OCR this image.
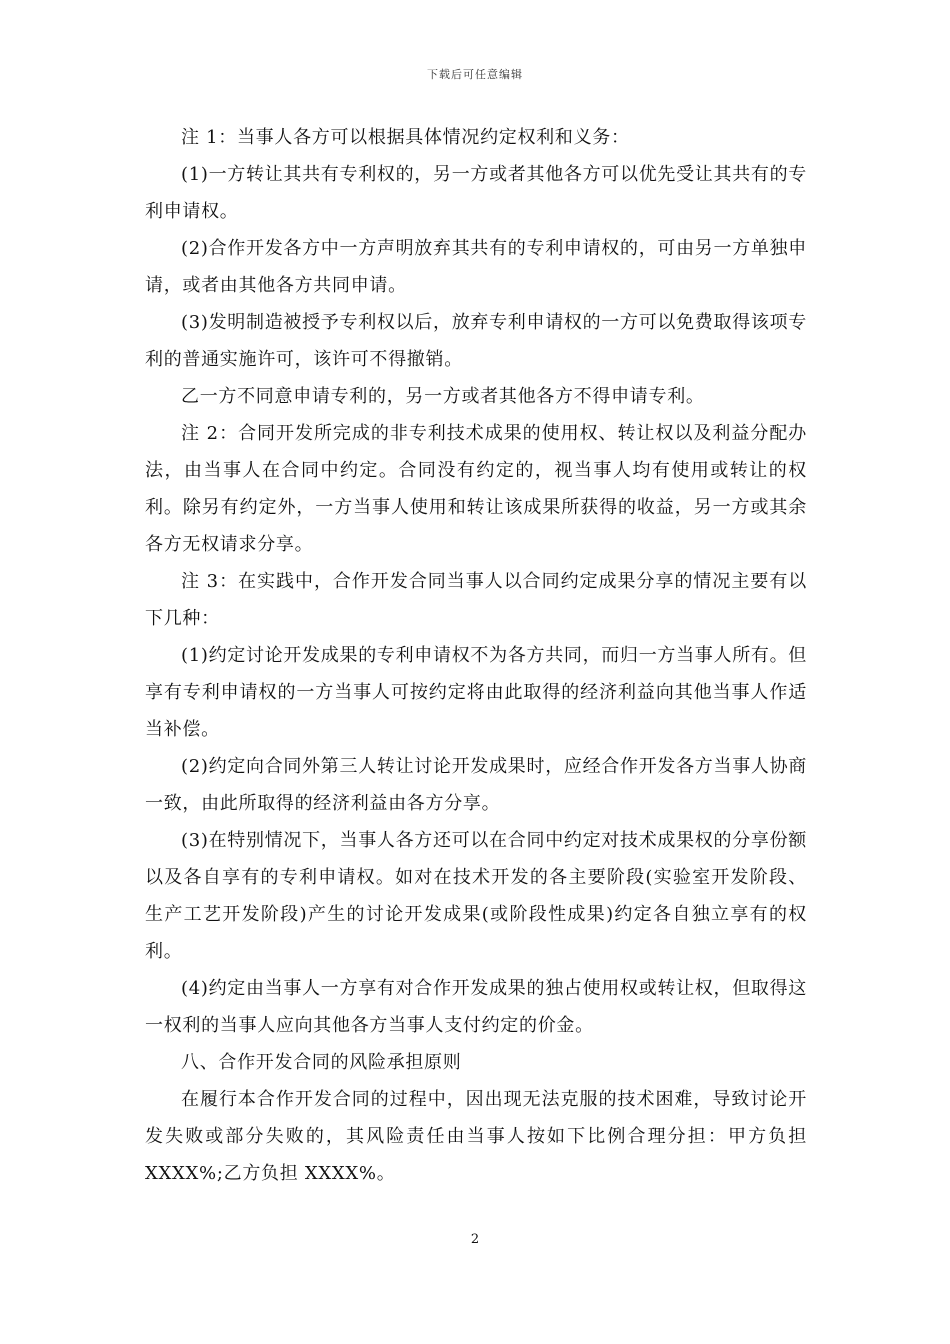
下载后可任意编辑

注 1：当事人各方可以根据具体情况约定权利和义务：

(1)一方转让其共有专利权的，另一方或者其他各方可以优先受让其共有的专利申请权。

(2)合作开发各方中一方声明放弃其共有的专利申请权的，可由另一方单独申请，或者由其他各方共同申请。

(3)发明制造被授予专利权以后，放弃专利申请权的一方可以免费取得该项专利的普通实施许可，该许可不得撤销。

乙一方不同意申请专利的，另一方或者其他各方不得申请专利。

注 2：合同开发所完成的非专利技术成果的使用权、转让权以及利益分配办法，由当事人在合同中约定。合同没有约定的，视当事人均有使用或转让的权利。除另有约定外，一方当事人使用和转让该成果所获得的收益，另一方或其余各方无权请求分享。

注 3：在实践中，合作开发合同当事人以合同约定成果分享的情况主要有以下几种：

(1)约定讨论开发成果的专利申请权不为各方共同，而归一方当事人所有。但享有专利申请权的一方当事人可按约定将由此取得的经济利益向其他当事人作适当补偿。

(2)约定向合同外第三人转让讨论开发成果时，应经合作开发各方当事人协商一致，由此所取得的经济利益由各方分享。

(3)在特别情况下，当事人各方还可以在合同中约定对技术成果权的分享份额以及各自享有的专利申请权。如对在技术开发的各主要阶段(实验室开发阶段、生产工艺开发阶段)产生的讨论开发成果(或阶段性成果)约定各自独立享有的权利。

(4)约定由当事人一方享有对合作开发成果的独占使用权或转让权，但取得这一权利的当事人应向其他各方当事人支付约定的价金。

八、合作开发合同的风险承担原则

在履行本合作开发合同的过程中，因出现无法克服的技术困难，导致讨论开发失败或部分失败的，其风险责任由当事人按如下比例合理分担：甲方负担XXXX%;乙方负担 XXXX%。

2
